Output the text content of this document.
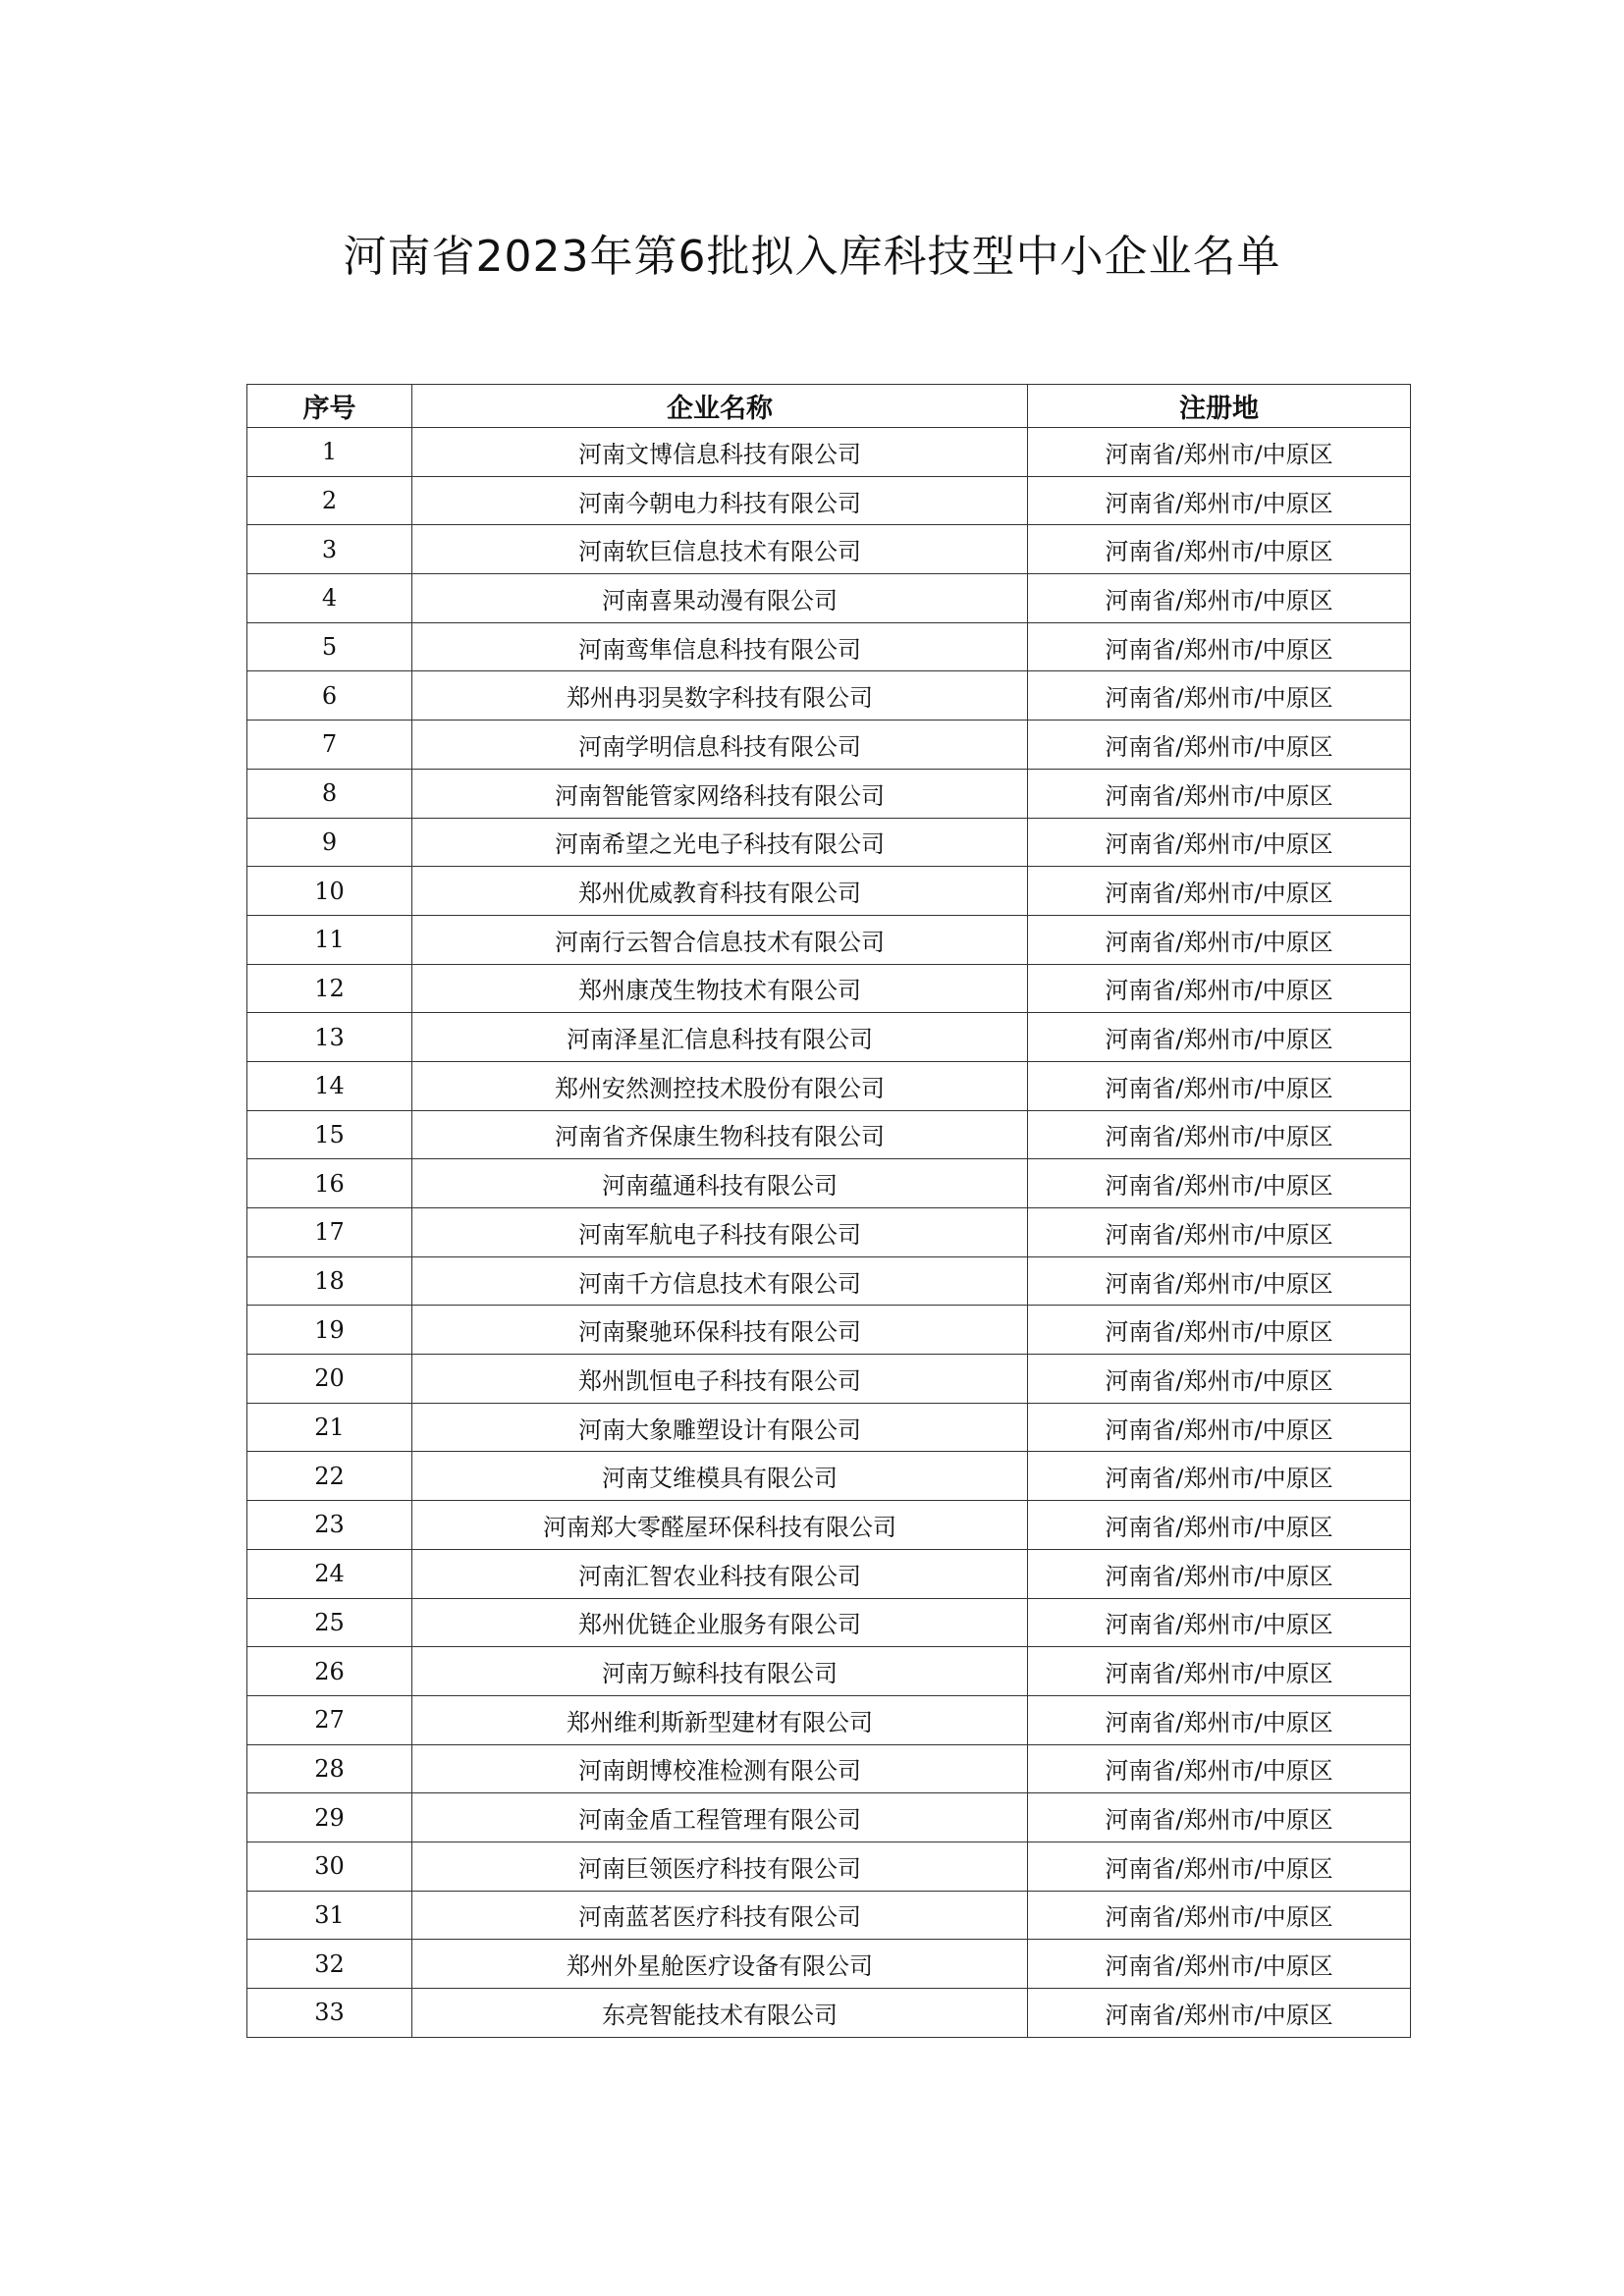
河南省2023年第6批拟入库科技型中小企业名单
序号	企业名称	注册地
1	河南文博信息科技有限公司	河南省/郑州市/中原区
2	河南今朝电力科技有限公司	河南省/郑州市/中原区
3	河南软巨信息技术有限公司	河南省/郑州市/中原区
4	河南喜果动漫有限公司	河南省/郑州市/中原区
5	河南鸾隼信息科技有限公司	河南省/郑州市/中原区
6	郑州冉羽昊数字科技有限公司	河南省/郑州市/中原区
7	河南学明信息科技有限公司	河南省/郑州市/中原区
8	河南智能管家网络科技有限公司	河南省/郑州市/中原区
9	河南希望之光电子科技有限公司	河南省/郑州市/中原区
10	郑州优威教育科技有限公司	河南省/郑州市/中原区
11	河南行云智合信息技术有限公司	河南省/郑州市/中原区
12	郑州康茂生物技术有限公司	河南省/郑州市/中原区
13	河南泽星汇信息科技有限公司	河南省/郑州市/中原区
14	郑州安然测控技术股份有限公司	河南省/郑州市/中原区
15	河南省齐保康生物科技有限公司	河南省/郑州市/中原区
16	河南蕴通科技有限公司	河南省/郑州市/中原区
17	河南军航电子科技有限公司	河南省/郑州市/中原区
18	河南千方信息技术有限公司	河南省/郑州市/中原区
19	河南聚驰环保科技有限公司	河南省/郑州市/中原区
20	郑州凯恒电子科技有限公司	河南省/郑州市/中原区
21	河南大象雕塑设计有限公司	河南省/郑州市/中原区
22	河南艾维模具有限公司	河南省/郑州市/中原区
23	河南郑大零醛屋环保科技有限公司	河南省/郑州市/中原区
24	河南汇智农业科技有限公司	河南省/郑州市/中原区
25	郑州优链企业服务有限公司	河南省/郑州市/中原区
26	河南万鲸科技有限公司	河南省/郑州市/中原区
27	郑州维利斯新型建材有限公司	河南省/郑州市/中原区
28	河南朗博校准检测有限公司	河南省/郑州市/中原区
29	河南金盾工程管理有限公司	河南省/郑州市/中原区
30	河南巨领医疗科技有限公司	河南省/郑州市/中原区
31	河南蓝茗医疗科技有限公司	河南省/郑州市/中原区
32	郑州外星舱医疗设备有限公司	河南省/郑州市/中原区
33	东亮智能技术有限公司	河南省/郑州市/中原区
